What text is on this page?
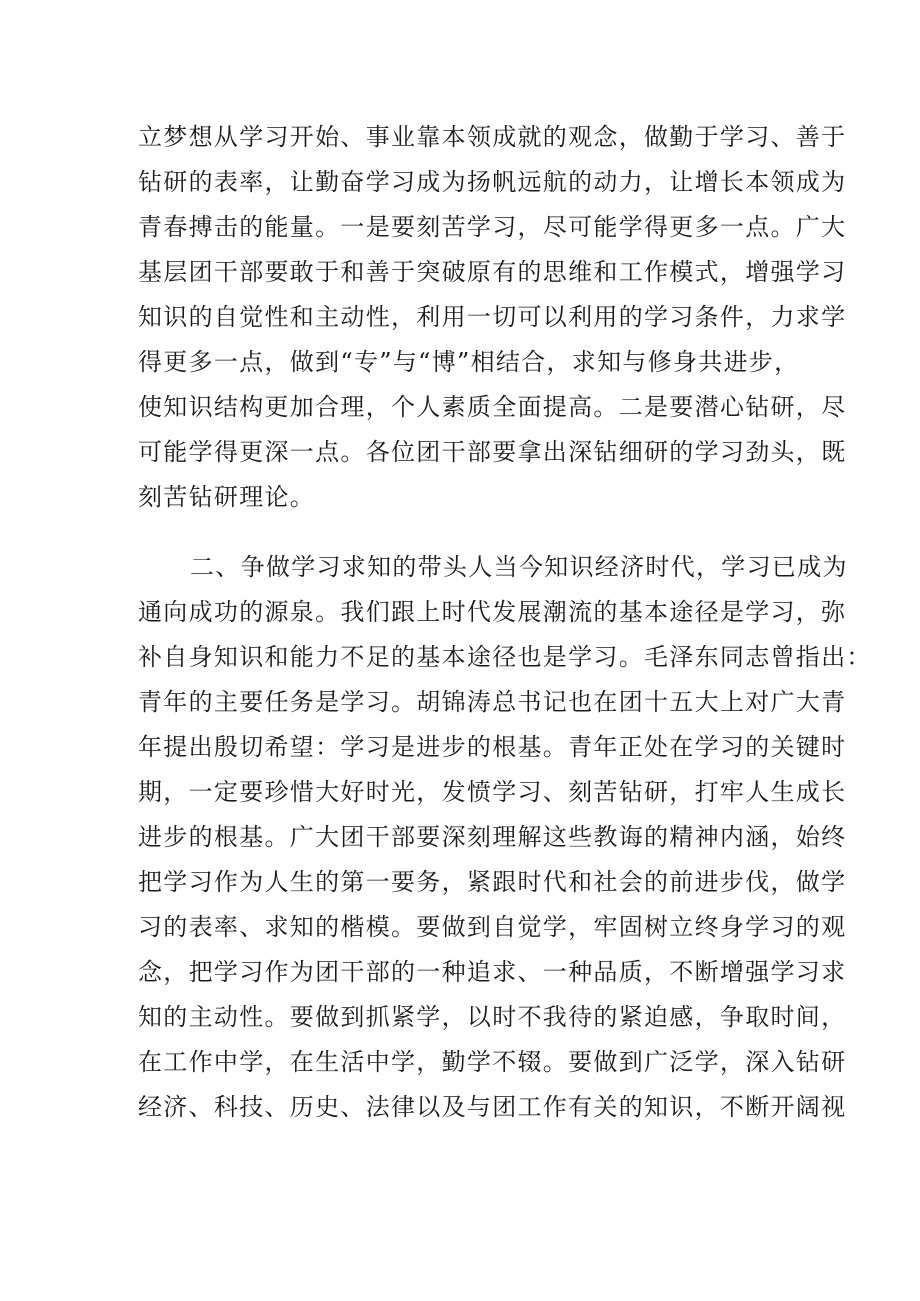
立梦想从学习开始、事业靠本领成就的观念，做勤于学习、善于
钻研的表率，让勤奋学习成为扬帆远航的动力，让增长本领成为
青春搏击的能量。一是要刻苦学习，尽可能学得更多一点。广大
基层团干部要敢于和善于突破原有的思维和工作模式，增强学习
知识的自觉性和主动性，利用一切可以利用的学习条件，力求学
得更多一点，做到“专”与“博”相结合，求知与修身共进步，
使知识结构更加合理，个人素质全面提高。二是要潜心钻研，尽
可能学得更深一点。各位团干部要拿出深钻细研的学习劲头，既
刻苦钻研理论。
二、争做学习求知的带头人当今知识经济时代，学习已成为
通向成功的源泉。我们跟上时代发展潮流的基本途径是学习，弥
补自身知识和能力不足的基本途径也是学习。毛泽东同志曾指出：
青年的主要任务是学习。胡锦涛总书记也在团十五大上对广大青
年提出殷切希望：学习是进步的根基。青年正处在学习的关键时
期，一定要珍惜大好时光，发愤学习、刻苦钻研，打牢人生成长
进步的根基。广大团干部要深刻理解这些教诲的精神内涵，始终
把学习作为人生的第一要务，紧跟时代和社会的前进步伐，做学
习的表率、求知的楷模。要做到自觉学，牢固树立终身学习的观
念，把学习作为团干部的一种追求、一种品质，不断增强学习求
知的主动性。要做到抓紧学，以时不我待的紧迫感，争取时间，
在工作中学，在生活中学，勤学不辍。要做到广泛学，深入钻研
经济、科技、历史、法律以及与团工作有关的知识，不断开阔视
